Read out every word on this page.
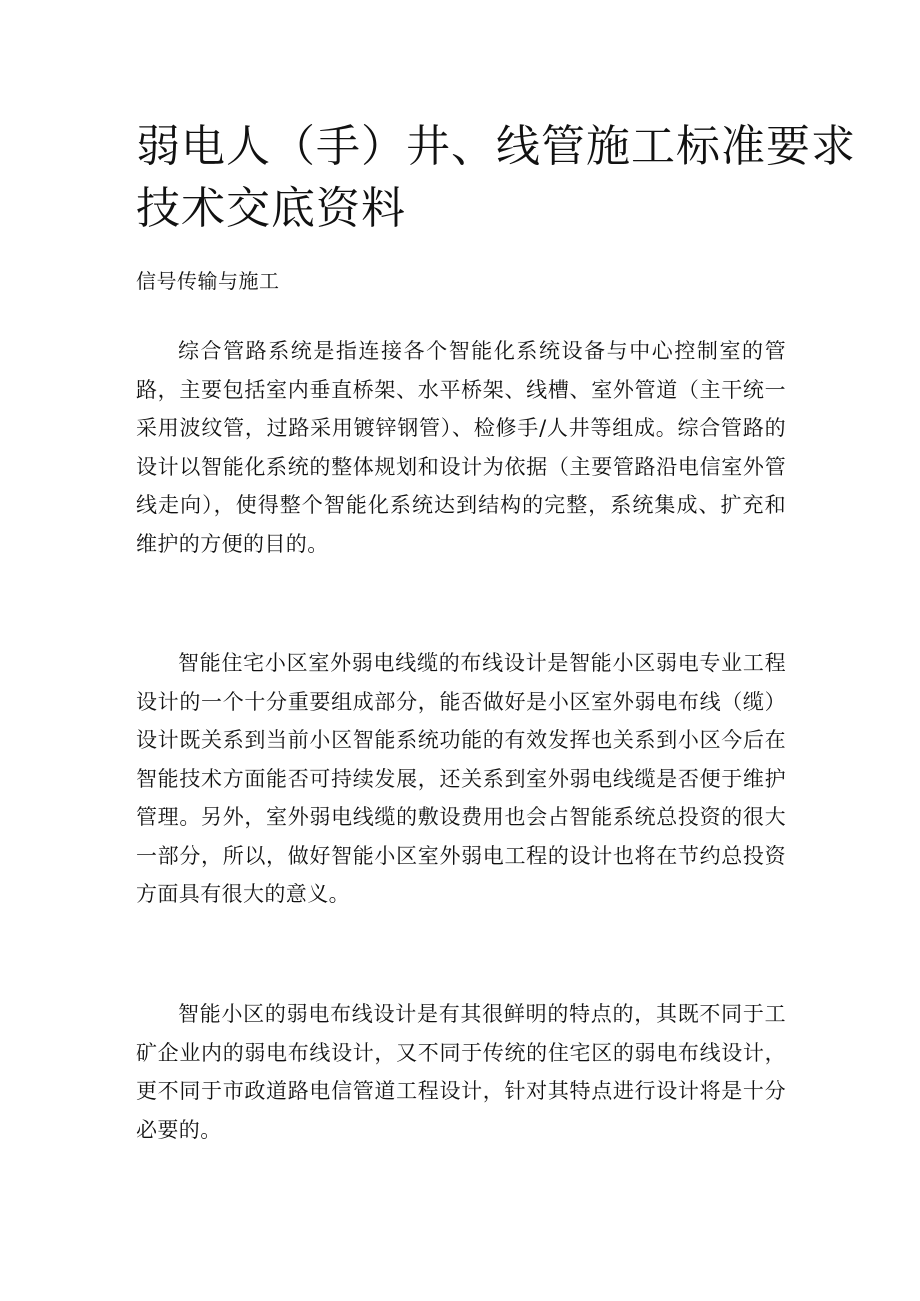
弱电人（手）井、线管施工标准要求
技术交底资料
信号传输与施工

综合管路系统是指连接各个智能化系统设备与中心控制室的管路，主要包括室内垂直桥架、水平桥架、线槽、室外管道（主干统一采用波纹管，过路采用镀锌钢管）、检修手/人井等组成。综合管路的设计以智能化系统的整体规划和设计为依据（主要管路沿电信室外管线走向），使得整个智能化系统达到结构的完整，系统集成、扩充和维护的方便的目的。

智能住宅小区室外弱电线缆的布线设计是智能小区弱电专业工程设计的一个十分重要组成部分，能否做好是小区室外弱电布线（缆）设计既关系到当前小区智能系统功能的有效发挥也关系到小区今后在智能技术方面能否可持续发展，还关系到室外弱电线缆是否便于维护管理。另外，室外弱电线缆的敷设费用也会占智能系统总投资的很大一部分，所以，做好智能小区室外弱电工程的设计也将在节约总投资方面具有很大的意义。

智能小区的弱电布线设计是有其很鲜明的特点的，其既不同于工矿企业内的弱电布线设计，又不同于传统的住宅区的弱电布线设计，更不同于市政道路电信管道工程设计，针对其特点进行设计将是十分必要的。
